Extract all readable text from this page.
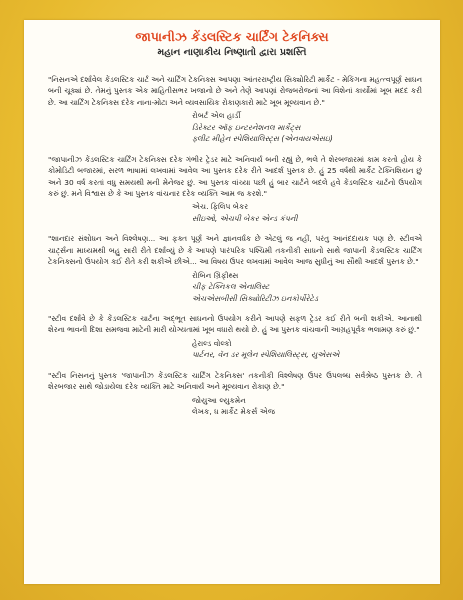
જાપાનીઝ કેંડલસ્ટિક ચાર્ટિંગ ટેકનિક્સ
મહાન નાણાકીય નિષ્ણાતો દ્વારા પ્રશસ્તિ
"નિસનએ દર્શાવેલ કેંડલસ્ટિક ચાર્ટ અને ચાર્ટિંગ ટેકનિક્સ આપણા આંતરરાષ્ટ્રીય સિક્યોરિટી માર્કેટ - મેકિંગના મહત્ત્વપૂર્ણ સાધન બની ચૂક્યાં છે. તેમનું પુસ્તક એક માહિતીસભર ખજાનો છે અને તેણે આપણાં રોજબરોજનાં આ વિશેનાં કાર્યોમાં ખૂબ મદદ કરી છે. આ ચાર્ટિંગ ટેકનિક્સ દરેક નાના-મોટા અને વ્યવસાયિક રોકાણકારો માટે ખૂબ મૂલ્યવાન છે."
રોબર્ટ એલ હાર્ડી
ડિરેક્ટર ઑફ ઇન્ટરનેશનલ માર્કેટ્સ
ફ્લીટ મીહેન સ્પેશિયાલિસ્ટ્સ (એનવાયએસઇ)
"જાપાનીઝ કેંડલસ્ટિક ચાર્ટિંગ ટેકનિક્સ દરેક ગંભીર ટ્રેડર માટે અનિવાર્ય બની રહ્યું છે, ભલે તે શેરબજારમાં કામ કરતો હોય કે કોમોડિટી બજારમાં, સરળ ભાષામાં લખવામાં આવેલ આ પુસ્તક દરેક રીતે આદર્શ પુસ્તક છે. હું 25 વર્ષથી માર્કેટ ટેક્નિશિયન છું અને 30 વર્ષ કરતાં વધુ સમયથી મની મેનેજર છું. આ પુસ્તક વાંચ્યા પછી હું બાર ચાર્ટને બદલે હવે કેંડલસ્ટિક ચાર્ટનો ઉપયોગ કરું છું. મને વિશ્વાસ છે કે આ પુસ્તક વાંચનાર દરેક વ્યક્તિ આમ જ કરશે."
એચ. ફિલિપ બેકર
સીઇઓ, એચપી બેકર એન્ડ કંપની
"શાનદાર સંશોધન અને વિશ્લેષણ... આ ફક્ત પૂર્ણ અને જ્ઞાનવર્ધક છે એટલું જ નહીં, પરંતુ આનંદદાયક પણ છે. સ્ટીવએ ચાર્ટ્સના માધ્યમથી બહુ સારી રીતે દર્શાવ્યું છે કે આપણે પારંપરિક પશ્ચિમી તકનીકી સાધનો સાથે જાપાની કેંડલસ્ટિક ચાર્ટિંગ ટેકનિક્સનો ઉપયોગ કઈ રીતે કરી શકીએ છીએ... આ વિષય ઉપર લખવામાં આવેલ આજ સુધીનું આ સૌથી આદર્શ પુસ્તક છે."
રોબિન ગ્રિફીથ્સ
ચીફ ટેક્નિકલ એનાલિસ્ટ
એચએસબીસી સિક્યોરિટીઝ ઇનકોર્પોરેટેડ
"સ્ટીવ દર્શાવે છે કે કેંડલસ્ટિક ચાર્ટના અદ્ભૂત સાધનનો ઉપયોગ કરીને આપણે સફળ ટ્રેડર કઈ રીતે બની શકીએ. આનાથી શેરના ભાવની દિશા સમજવા માટેની મારી યોગ્યતામાં ખૂબ વધારો થયો છે. હું આ પુસ્તક વાંચવાની આગ્રહપૂર્વક ભલામણ કરું છું."
હેરાલ્ડ વોલ્કો
પાર્ટનર, વૅન ડર મૂલેન સ્પેશિયાલિસ્ટ્સ, યુએસએ
"સ્ટીવ નિસનનું પુસ્તક 'જાપાનીઝ કેંડલસ્ટિક ચાર્ટિંગ ટેકનિક્સ' તકનીકી વિશ્લેષણ ઉપર ઉપલબ્ધ સર્વશ્રેષ્ઠ પુસ્તક છે. તે શેરબજાર સાથે જોડાયેલા દરેક વ્યક્તિ માટે અનિવાર્ય અને મૂલ્યવાન રોકાણ છે."
જોયુઆ લ્યુકમેન
લેખક, ધ માર્કેટ મેકર્સ એજ
